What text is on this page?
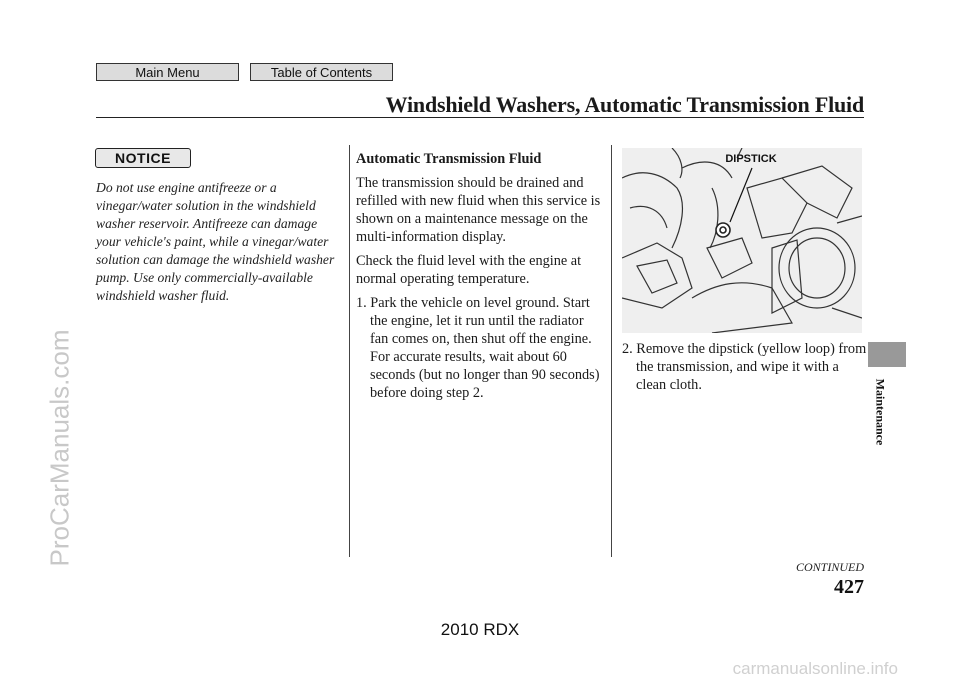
Main Menu	Table of Contents
Windshield Washers, Automatic Transmission Fluid
ProCarManuals.com
NOTICE
Do not use engine antifreeze or a vinegar/water solution in the windshield washer reservoir. Antifreeze can damage your vehicle's paint, while a vinegar/water solution can damage the windshield washer pump. Use only commercially-available windshield washer fluid.

Automatic Transmission Fluid

The transmission should be drained and refilled with new fluid when this service is shown on a maintenance message on the multi-information display.

Check the fluid level with the engine at normal operating temperature.

1. Park the vehicle on level ground. Start the engine, let it run until the radiator fan comes on, then shut off the engine. For accurate results, wait about 60 seconds (but no longer than 90 seconds) before doing step 2.

DIPSTICK

2. Remove the dipstick (yellow loop) from the transmission, and wipe it with a clean cloth.	Maintenance
CONTINUED
427
2010 RDX
carmanualsonline.info
